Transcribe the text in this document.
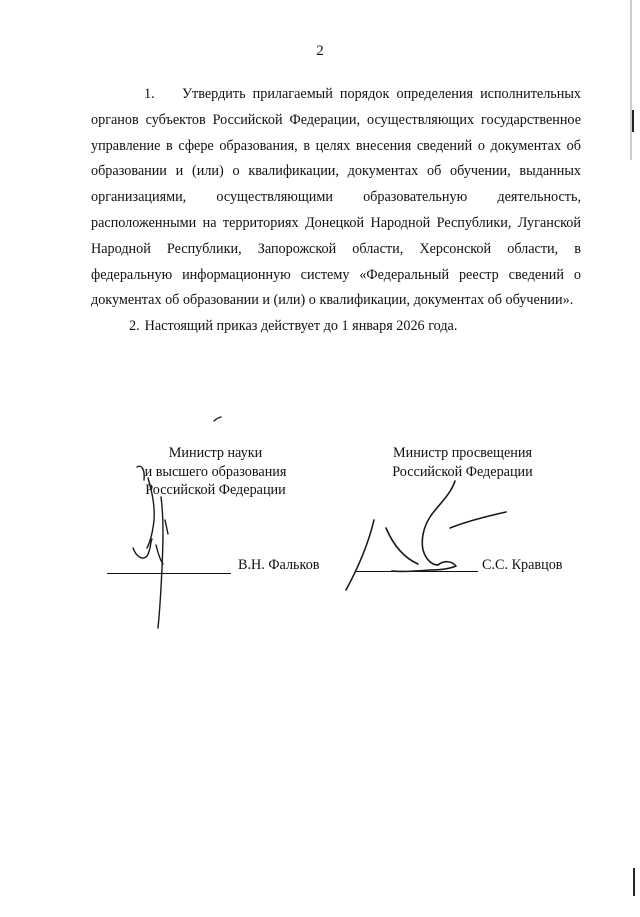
2

1. Утвердить прилагаемый порядок определения исполнительных органов субъектов Российской Федерации, осуществляющих государственное управление в сфере образования, в целях внесения сведений о документах об образовании и (или) о квалификации, документах об обучении, выданных организациями, осуществляющими образовательную деятельность, расположенными на территориях Донецкой Народной Республики, Луганской Народной Республики, Запорожской области, Херсонской области, в федеральную информационную систему «Федеральный реестр сведений о документах об образовании и (или) о квалификации, документах об обучении».

2. Настоящий приказ действует до 1 января 2026 года.

Министр науки
и высшего образования
Российской Федерации
В.Н. Фальков
Министр просвещения
Российской Федерации
С.С. Кравцов
